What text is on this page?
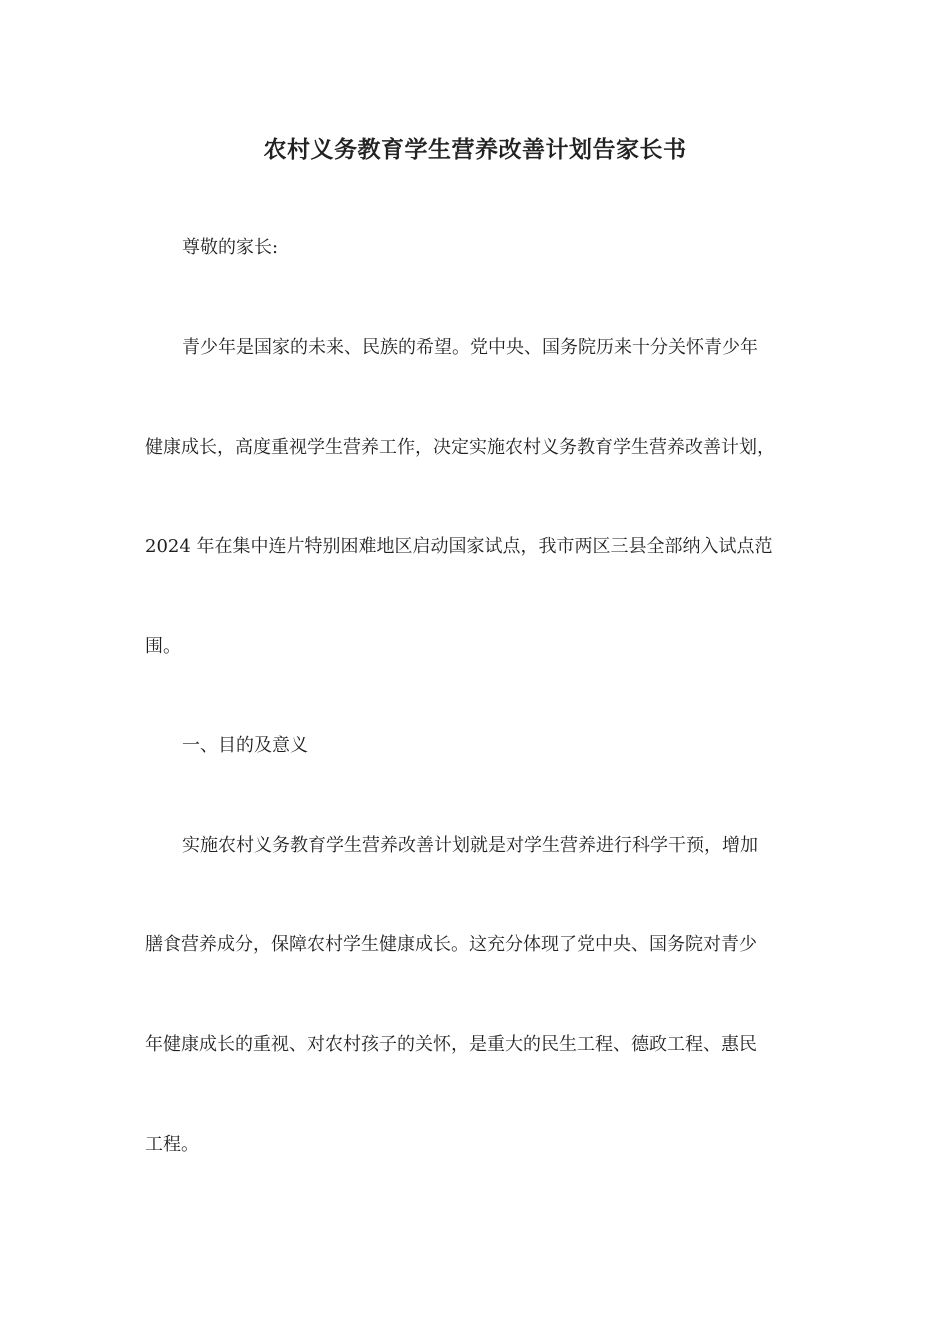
农村义务教育学生营养改善计划告家长书
尊敬的家长:
青少年是国家的未来、民族的希望。党中央、国务院历来十分关怀青少年
健康成长，高度重视学生营养工作，决定实施农村义务教育学生营养改善计划，
2024 年在集中连片特别困难地区启动国家试点，我市两区三县全部纳入试点范
围。
一、目的及意义
实施农村义务教育学生营养改善计划就是对学生营养进行科学干预，增加
膳食营养成分，保障农村学生健康成长。这充分体现了党中央、国务院对青少
年健康成长的重视、对农村孩子的关怀，是重大的民生工程、德政工程、惠民
工程。
